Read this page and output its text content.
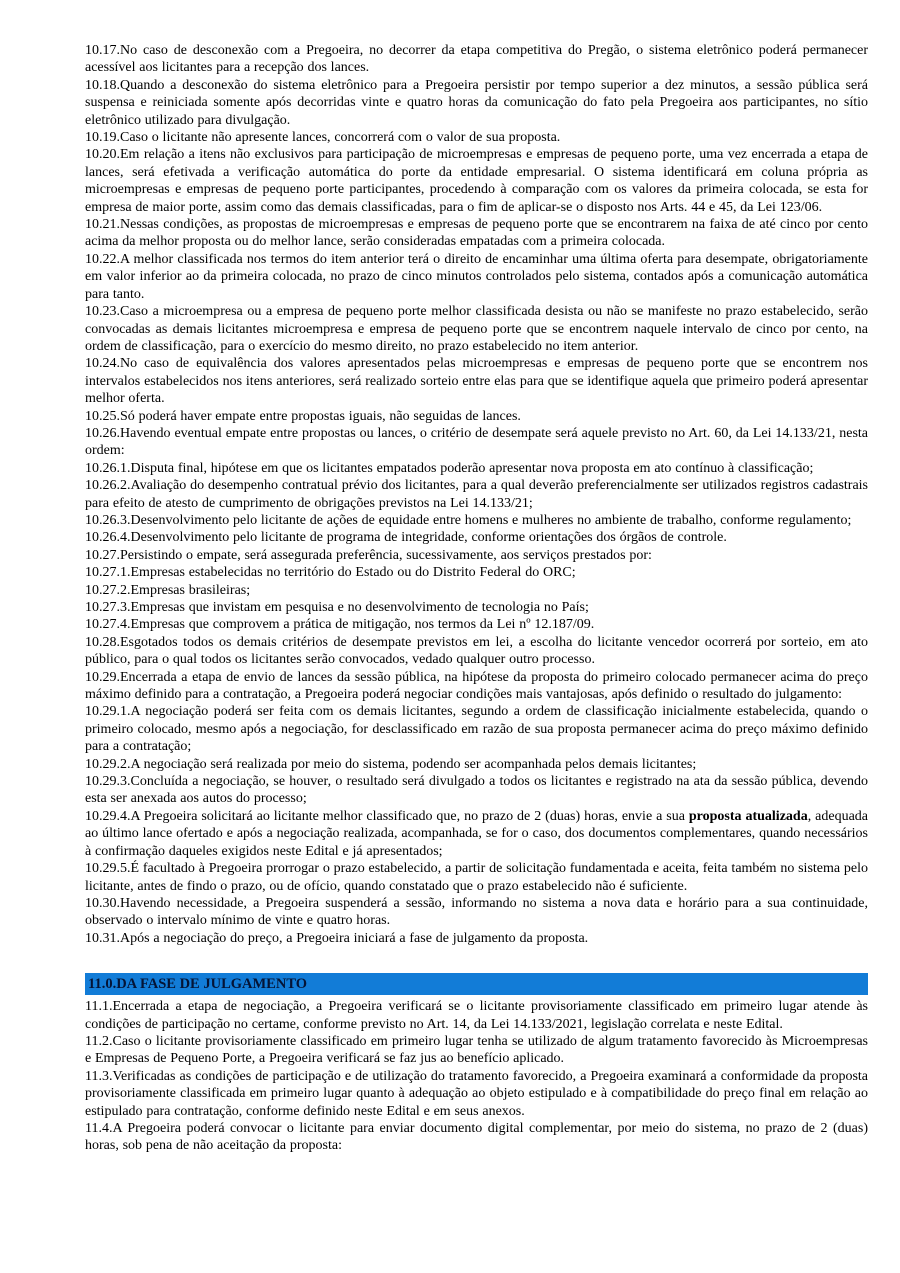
10.17.No caso de desconexão com a Pregoeira, no decorrer da etapa competitiva do Pregão, o sistema eletrônico poderá permanecer acessível aos licitantes para a recepção dos lances.

10.18.Quando a desconexão do sistema eletrônico para a Pregoeira persistir por tempo superior a dez minutos, a sessão pública será suspensa e reiniciada somente após decorridas vinte e quatro horas da comunicação do fato pela Pregoeira aos participantes, no sítio eletrônico utilizado para divulgação.

10.19.Caso o licitante não apresente lances, concorrerá com o valor de sua proposta.

10.20.Em relação a itens não exclusivos para participação de microempresas e empresas de pequeno porte, uma vez encerrada a etapa de lances, será efetivada a verificação automática do porte da entidade empresarial. O sistema identificará em coluna própria as microempresas e empresas de pequeno porte participantes, procedendo à comparação com os valores da primeira colocada, se esta for empresa de maior porte, assim como das demais classificadas, para o fim de aplicar-se o disposto nos Arts. 44 e 45, da Lei 123/06.

10.21.Nessas condições, as propostas de microempresas e empresas de pequeno porte que se encontrarem na faixa de até cinco por cento acima da melhor proposta ou do melhor lance, serão consideradas empatadas com a primeira colocada.

10.22.A melhor classificada nos termos do item anterior terá o direito de encaminhar uma última oferta para desempate, obrigatoriamente em valor inferior ao da primeira colocada, no prazo de cinco minutos controlados pelo sistema, contados após a comunicação automática para tanto.

10.23.Caso a microempresa ou a empresa de pequeno porte melhor classificada desista ou não se manifeste no prazo estabelecido, serão convocadas as demais licitantes microempresa e empresa de pequeno porte que se encontrem naquele intervalo de cinco por cento, na ordem de classificação, para o exercício do mesmo direito, no prazo estabelecido no item anterior.

10.24.No caso de equivalência dos valores apresentados pelas microempresas e empresas de pequeno porte que se encontrem nos intervalos estabelecidos nos itens anteriores, será realizado sorteio entre elas para que se identifique aquela que primeiro poderá apresentar melhor oferta.

10.25.Só poderá haver empate entre propostas iguais, não seguidas de lances.

10.26.Havendo eventual empate entre propostas ou lances, o critério de desempate será aquele previsto no Art. 60, da Lei 14.133/21, nesta ordem:

10.26.1.Disputa final, hipótese em que os licitantes empatados poderão apresentar nova proposta em ato contínuo à classificação;

10.26.2.Avaliação do desempenho contratual prévio dos licitantes, para a qual deverão preferencialmente ser utilizados registros cadastrais para efeito de atesto de cumprimento de obrigações previstos na Lei 14.133/21;

10.26.3.Desenvolvimento pelo licitante de ações de equidade entre homens e mulheres no ambiente de trabalho, conforme regulamento;

10.26.4.Desenvolvimento pelo licitante de programa de integridade, conforme orientações dos órgãos de controle.

10.27.Persistindo o empate, será assegurada preferência, sucessivamente, aos serviços prestados por:

10.27.1.Empresas estabelecidas no território do Estado ou do Distrito Federal do ORC;

10.27.2.Empresas brasileiras;

10.27.3.Empresas que invistam em pesquisa e no desenvolvimento de tecnologia no País;

10.27.4.Empresas que comprovem a prática de mitigação, nos termos da Lei nº 12.187/09.

10.28.Esgotados todos os demais critérios de desempate previstos em lei, a escolha do licitante vencedor ocorrerá por sorteio, em ato público, para o qual todos os licitantes serão convocados, vedado qualquer outro processo.

10.29.Encerrada a etapa de envio de lances da sessão pública, na hipótese da proposta do primeiro colocado permanecer acima do preço máximo definido para a contratação, a Pregoeira poderá negociar condições mais vantajosas, após definido o resultado do julgamento:

10.29.1.A negociação poderá ser feita com os demais licitantes, segundo a ordem de classificação inicialmente estabelecida, quando o primeiro colocado, mesmo após a negociação, for desclassificado em razão de sua proposta permanecer acima do preço máximo definido para a contratação;

10.29.2.A negociação será realizada por meio do sistema, podendo ser acompanhada pelos demais licitantes;

10.29.3.Concluída a negociação, se houver, o resultado será divulgado a todos os licitantes e registrado na ata da sessão pública, devendo esta ser anexada aos autos do processo;

10.29.4.A Pregoeira solicitará ao licitante melhor classificado que, no prazo de 2 (duas) horas, envie a sua proposta atualizada, adequada ao último lance ofertado e após a negociação realizada, acompanhada, se for o caso, dos documentos complementares, quando necessários à confirmação daqueles exigidos neste Edital e já apresentados;

10.29.5.É facultado à Pregoeira prorrogar o prazo estabelecido, a partir de solicitação fundamentada e aceita, feita também no sistema pelo licitante, antes de findo o prazo, ou de ofício, quando constatado que o prazo estabelecido não é suficiente.

10.30.Havendo necessidade, a Pregoeira suspenderá a sessão, informando no sistema a nova data e horário para a sua continuidade, observado o intervalo mínimo de vinte e quatro horas.

10.31.Após a negociação do preço, a Pregoeira iniciará a fase de julgamento da proposta.

11.0.DA FASE DE JULGAMENTO

11.1.Encerrada a etapa de negociação, a Pregoeira verificará se o licitante provisoriamente classificado em primeiro lugar atende às condições de participação no certame, conforme previsto no Art. 14, da Lei 14.133/2021, legislação correlata e neste Edital.

11.2.Caso o licitante provisoriamente classificado em primeiro lugar tenha se utilizado de algum tratamento favorecido às Microempresas e Empresas de Pequeno Porte, a Pregoeira verificará se faz jus ao benefício aplicado.

11.3.Verificadas as condições de participação e de utilização do tratamento favorecido, a Pregoeira examinará a conformidade da proposta provisoriamente classificada em primeiro lugar quanto à adequação ao objeto estipulado e à compatibilidade do preço final em relação ao estipulado para contratação, conforme definido neste Edital e em seus anexos.

11.4.A Pregoeira poderá convocar o licitante para enviar documento digital complementar, por meio do sistema, no prazo de 2 (duas) horas, sob pena de não aceitação da proposta:
